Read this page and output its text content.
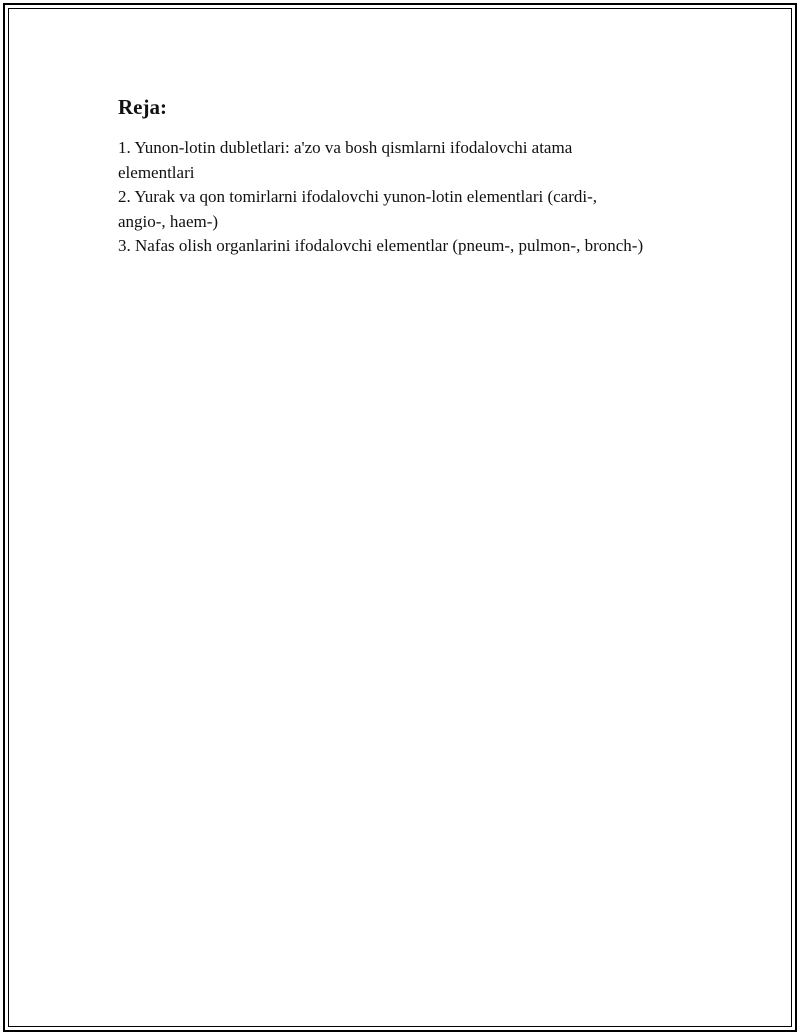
Reja:
1. Yunon-lotin dubletlari: a'zo va bosh qismlarni ifodalovchi atama elementlari
2. Yurak va qon tomirlarni ifodalovchi yunon-lotin elementlari (cardi-, angio-, haem-)
3. Nafas olish organlarini ifodalovchi elementlar (pneum-, pulmon-, bronch-)
